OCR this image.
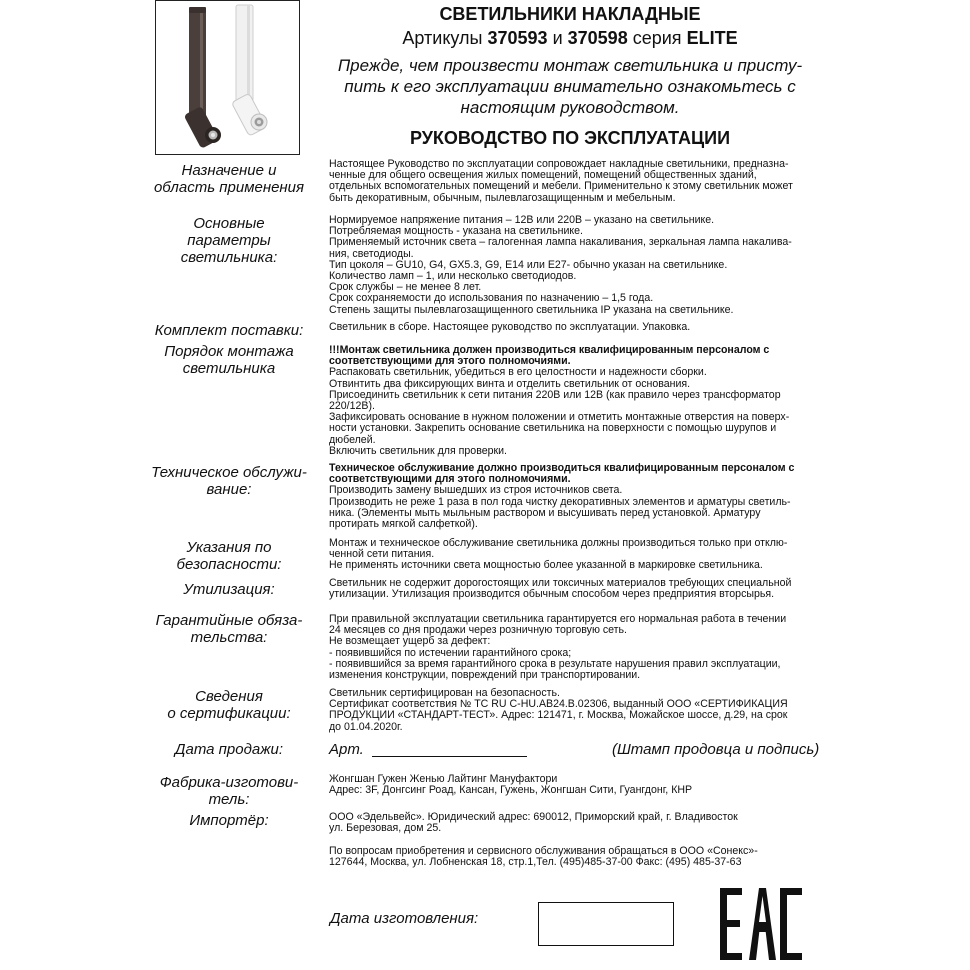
СВЕТИЛЬНИКИ НАКЛАДНЫЕ
Артикулы 370593 и 370598 серия ELITE
Прежде, чем произвести монтаж светильника и присту-
пить к его эксплуатации внимательно ознакомьтесь с
настоящим руководством.
РУКОВОДСТВО ПО ЭКСПЛУАТАЦИИ
Назначение и
область применения
Основные параметры
светильника:
Комплект поставки:
Порядок монтажа
светильника
Техническое обслужи-
вание:
Указания по
безопасности:
Утилизация:
Гарантийные обяза-
тельства:
Сведения
о сертификации:
Дата продажи:
Фабрика-изготови-
тель:
Импортёр:
Настоящее Руководство по эксплуатации сопровождает накладные светильники, предназна-
ченные для общего освещения жилых помещений, помещений общественных зданий,
отдельных вспомогательных помещений и мебели. Применительно к этому светильник может
быть декоративным, обычным, пылевлагозащищенным и мебельным.
Нормируемое напряжение питания – 12В или 220В – указано на светильнике.
Потребляемая мощность - указана на светильнике.
Применяемый источник света – галогенная лампа накаливания, зеркальная лампа накалива-
ния, светодиоды.
Тип цоколя – GU10, G4, GX5.3, G9, E14 или E27- обычно указан на светильнике.
Количество ламп – 1, или несколько светодиодов.
Срок службы – не менее 8 лет.
Срок сохраняемости до использования по назначению – 1,5 года.
Степень защиты пылевлагозащищенного светильника IP указана на светильнике.
Светильник в сборе. Настоящее руководство по эксплуатации. Упаковка.
!!!Монтаж светильника должен производиться квалифицированным персоналом с
соответствующими для этого полномочиями.
Распаковать светильник, убедиться в его целостности и надежности сборки.
Отвинтить два фиксирующих винта и отделить светильник от основания.
Присоединить светильник к сети питания 220В или 12В (как правило через трансформатор
220/12В).
Зафиксировать основание в нужном положении и отметить монтажные отверстия на поверх-
ности установки. Закрепить основание светильника на поверхности с помощью шурупов и
дюбелей.
Включить светильник для проверки.
Техническое обслуживание должно производиться квалифицированным персоналом с
соответствующими для этого полномочиями.
Производить замену вышедших из строя источников света.
Производить не реже 1 раза в пол года чистку декоративных элементов и арматуры светиль-
ника. (Элементы мыть мыльным раствором и высушивать перед установкой. Арматуру
протирать мягкой салфеткой).
Монтаж и техническое обслуживание светильника должны производиться только при отклю-
ченной сети питания.
Не применять источники света мощностью более указанной в маркировке светильника.
Светильник не содержит дорогостоящих или токсичных материалов требующих специальной
утилизации. Утилизация производится обычным способом через предприятия вторсырья.
При правильной эксплуатации светильника гарантируется его нормальная работа в течении
24 месяцев со дня продажи через розничную торговую сеть.
Не возмещает ущерб за дефект:
- появившийся по истечении гарантийного срока;
- появившийся за время гарантийного срока в результате нарушения правил эксплуатации,
изменения конструкции, повреждений при транспортировании.
Светильник сертифицирован на безопасность.
Сертификат соответствия № ТС RU C-HU.AB24.B.02306, выданный ООО «СЕРТИФИКАЦИЯ
ПРОДУКЦИИ «СТАНДАРТ-ТЕСТ». Адрес: 121471, г. Москва, Можайское шоссе, д.29, на срок
до 01.04.2020г.
Жонгшан Гужен Женью Лайтинг Мануфактори
Адрес: 3F, Донгсинг Роад, Кансан, Гужень, Жонгшан Сити, Гуангдонг, КНР
ООО «Эдельвейс». Юридический адрес: 690012, Приморский край, г. Владивосток
ул. Березовая, дом 25.

По вопросам приобретения и сервисного обслуживания обращаться в ООО «Сонекс»-
127644, Москва, ул. Лобненская 18, стр.1,Тел. (495)485-37-00 Факс: (495) 485-37-63
Арт.	(Штамп продовца и подпись)
Дата изготовления:
